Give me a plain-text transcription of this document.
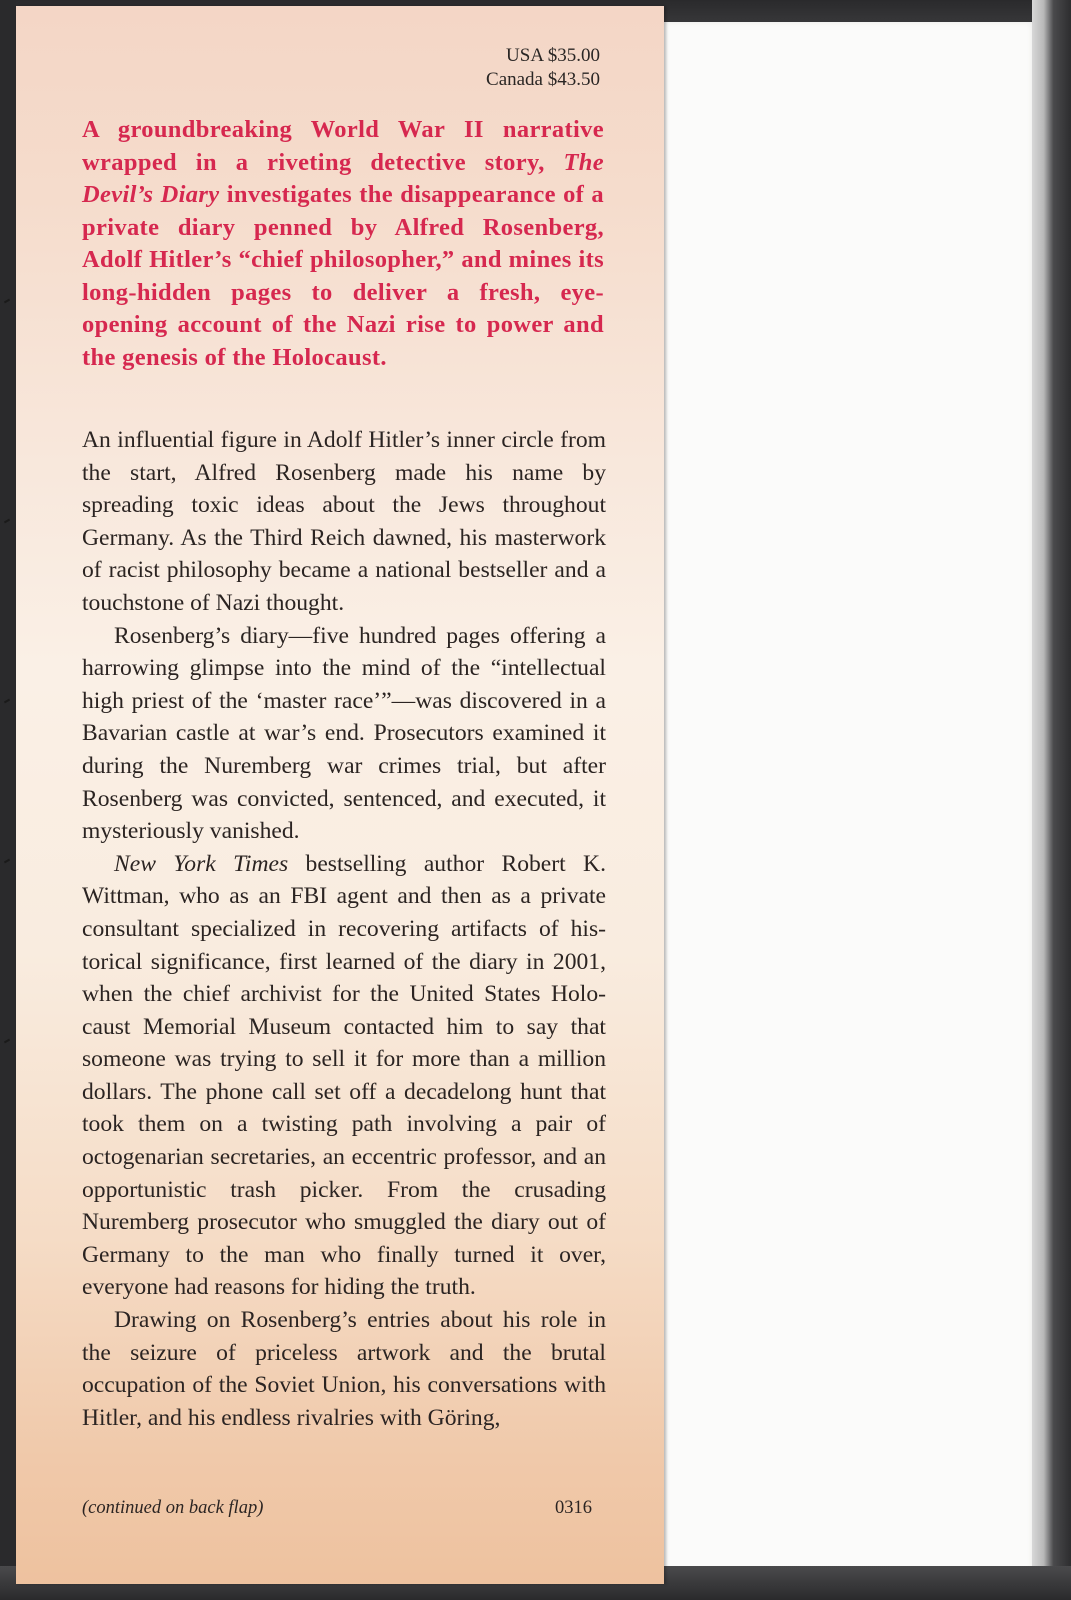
USA $35.00
Canada $43.50

A groundbreaking World War II narrative wrapped in a riveting detective story, The Devil’s Diary investigates the disappearance of a private diary penned by Alfred Rosenberg, Adolf Hitler’s “chief philosopher,” and mines its long-hidden pages to deliver a fresh, eye-opening account of the Nazi rise to power and the genesis of the Holocaust.

An influential figure in Adolf Hitler’s inner circle from the start, Alfred Rosenberg made his name by spreading toxic ideas about the Jews throughout Germany. As the Third Reich dawned, his masterwork of racist philosophy became a national bestseller and a touchstone of Nazi thought.

Rosenberg’s diary—five hundred pages offering a harrowing glimpse into the mind of the “intellectual high priest of the ‘master race’”—was discovered in a Bavarian castle at war’s end. Prosecutors examined it during the Nuremberg war crimes trial, but after Rosenberg was convicted, sentenced, and executed, it mysteriously vanished.

New York Times bestselling author Robert K. Wittman, who as an FBI agent and then as a private consultant specialized in recovering artifacts of historical significance, first learned of the diary in 2001, when the chief archivist for the United States Holocaust Memorial Museum contacted him to say that someone was trying to sell it for more than a million dollars. The phone call set off a decadelong hunt that took them on a twisting path involving a pair of octogenarian secretaries, an eccentric professor, and an opportunistic trash picker. From the crusading Nuremberg prosecutor who smuggled the diary out of Germany to the man who finally turned it over, everyone had reasons for hiding the truth.

Drawing on Rosenberg’s entries about his role in the seizure of priceless artwork and the brutal occupation of the Soviet Union, his conversations with Hitler, and his endless rivalries with Göring,

(continued on back flap)	0316
